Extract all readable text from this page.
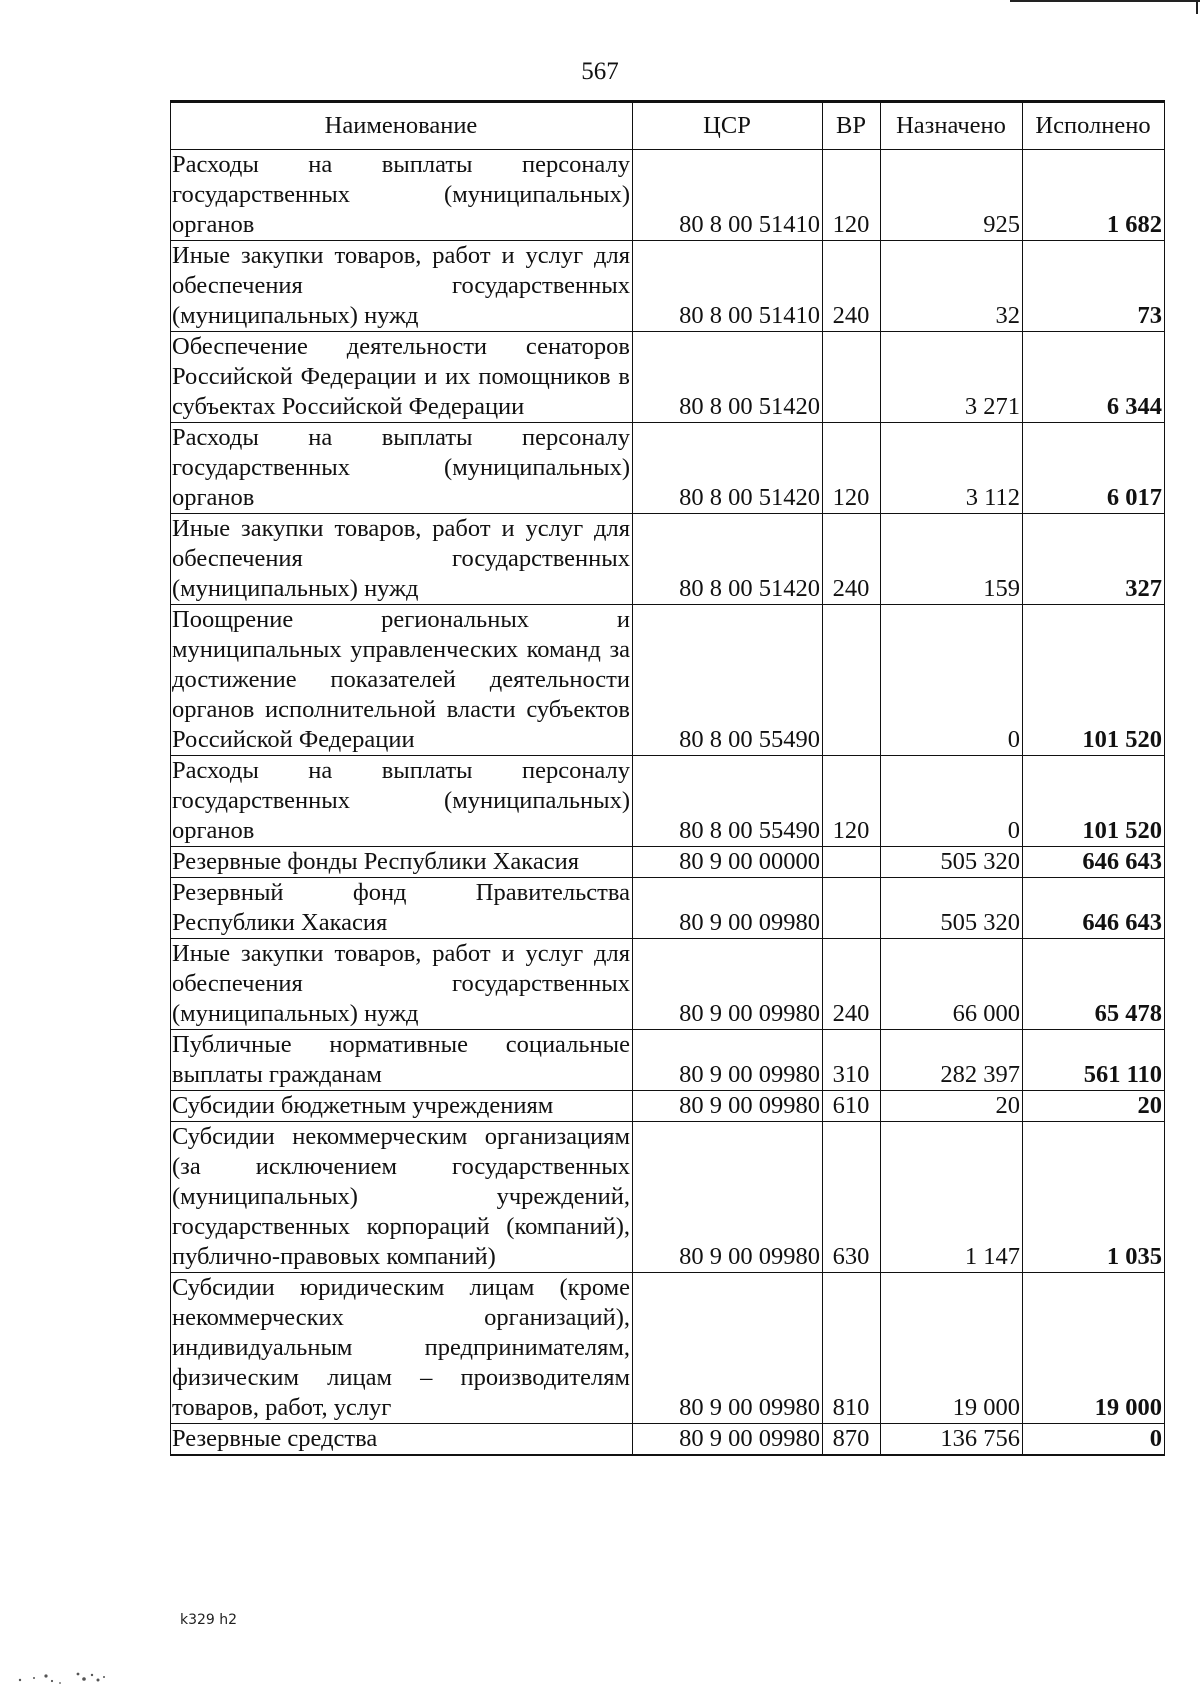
567
Наименование	ЦСР	ВР	Назначено	Исполнено
Расходы на выплаты персоналу государственных (муниципальных) органов	80 8 00 51410	120	925	1 682
Иные закупки товаров, работ и услуг для обеспечения государственных (муниципальных) нужд	80 8 00 51410	240	32	73
Обеспечение деятельности сенаторов Российской Федерации и их помощников в субъектах Российской Федерации	80 8 00 51420		3 271	6 344
Расходы на выплаты персоналу государственных (муниципальных) органов	80 8 00 51420	120	3 112	6 017
Иные закупки товаров, работ и услуг для обеспечения государственных (муниципальных) нужд	80 8 00 51420	240	159	327
Поощрение региональных и муниципальных управленческих команд за достижение показателей деятельности органов исполнительной власти субъектов Российской Федерации	80 8 00 55490		0	101 520
Расходы на выплаты персоналу государственных (муниципальных) органов	80 8 00 55490	120	0	101 520
Резервные фонды Республики Хакасия	80 9 00 00000		505 320	646 643
Резервный фонд Правительства Республики Хакасия	80 9 00 09980		505 320	646 643
Иные закупки товаров, работ и услуг для обеспечения государственных (муниципальных) нужд	80 9 00 09980	240	66 000	65 478
Публичные нормативные социальные выплаты гражданам	80 9 00 09980	310	282 397	561 110
Субсидии бюджетным учреждениям	80 9 00 09980	610	20	20
Субсидии некоммерческим организациям (за исключением государственных (муниципальных) учреждений, государственных корпораций (компаний), публично-правовых компаний)	80 9 00 09980	630	1 147	1 035
Субсидии юридическим лицам (кроме некоммерческих организаций), индивидуальным предпринимателям, физическим лицам – производителям товаров, работ, услуг	80 9 00 09980	810	19 000	19 000
Резервные средства	80 9 00 09980	870	136 756	0
k329 h2
